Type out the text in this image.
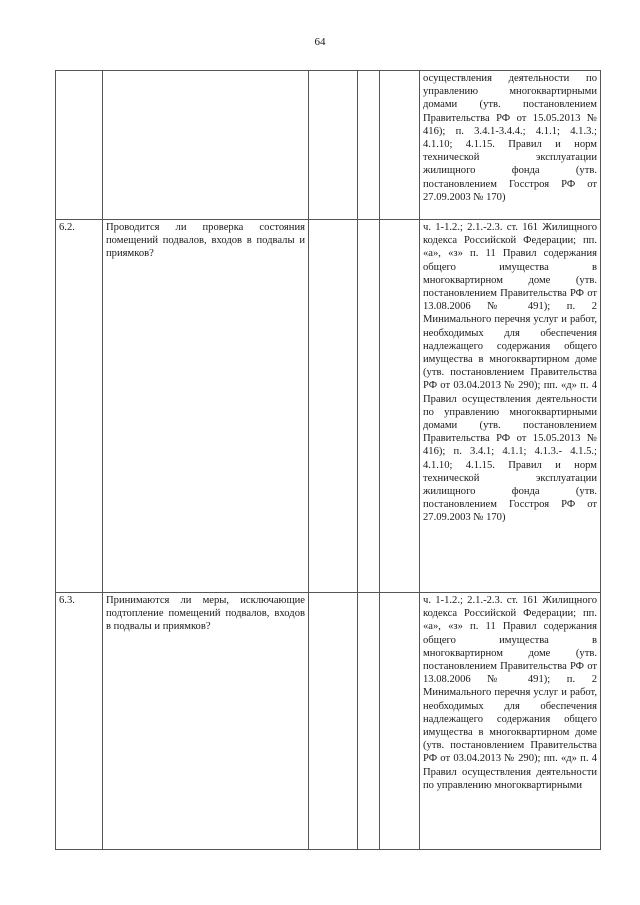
64
					осуществления деятельности по управлению многоквартирными домами (утв. постановлением Правительства РФ от 15.05.2013 № 416); п. 3.4.1-3.4.4.; 4.1.1; 4.1.3.; 4.1.10; 4.1.15. Правил и норм технической эксплуатации жилищного фонда (утв. постановлением Госстроя РФ от 27.09.2003 № 170)
6.2.	Проводится ли проверка состояния помещений подвалов, входов в подвалы и приямков?				ч. 1-1.2.; 2.1.-2.3. ст. 161 Жилищного кодекса Российской Федерации; пп. «а», «з» п. 11 Правил содержания общего имущества в многоквартирном доме (утв. постановлением Правительства РФ от 13.08.2006 № 491); п. 2 Минимального перечня услуг и работ, необходимых для обеспечения надлежащего содержания общего имущества в многоквартирном доме (утв. постановлением Правительства РФ от 03.04.2013 № 290); пп. «д» п. 4 Правил осуществления деятельности по управлению многоквартирными домами (утв. постановлением Правительства РФ от 15.05.2013 № 416); п. 3.4.1; 4.1.1; 4.1.3.- 4.1.5.; 4.1.10; 4.1.15. Правил и норм технической эксплуатации жилищного фонда (утв. постановлением Госстроя РФ от 27.09.2003 № 170)
6.3.	Принимаются ли меры, исключающие подтопление помещений подвалов, входов в подвалы и приямков?				ч. 1-1.2.; 2.1.-2.3. ст. 161 Жилищного кодекса Российской Федерации; пп. «а», «з» п. 11 Правил содержания общего имущества в многоквартирном доме (утв. постановлением Правительства РФ от 13.08.2006 № 491); п. 2 Минимального перечня услуг и работ, необходимых для обеспечения надлежащего содержания общего имущества в многоквартирном доме (утв. постановлением Правительства РФ от 03.04.2013 № 290); пп. «д» п. 4 Правил осуществления деятельности по управлению многоквартирными
